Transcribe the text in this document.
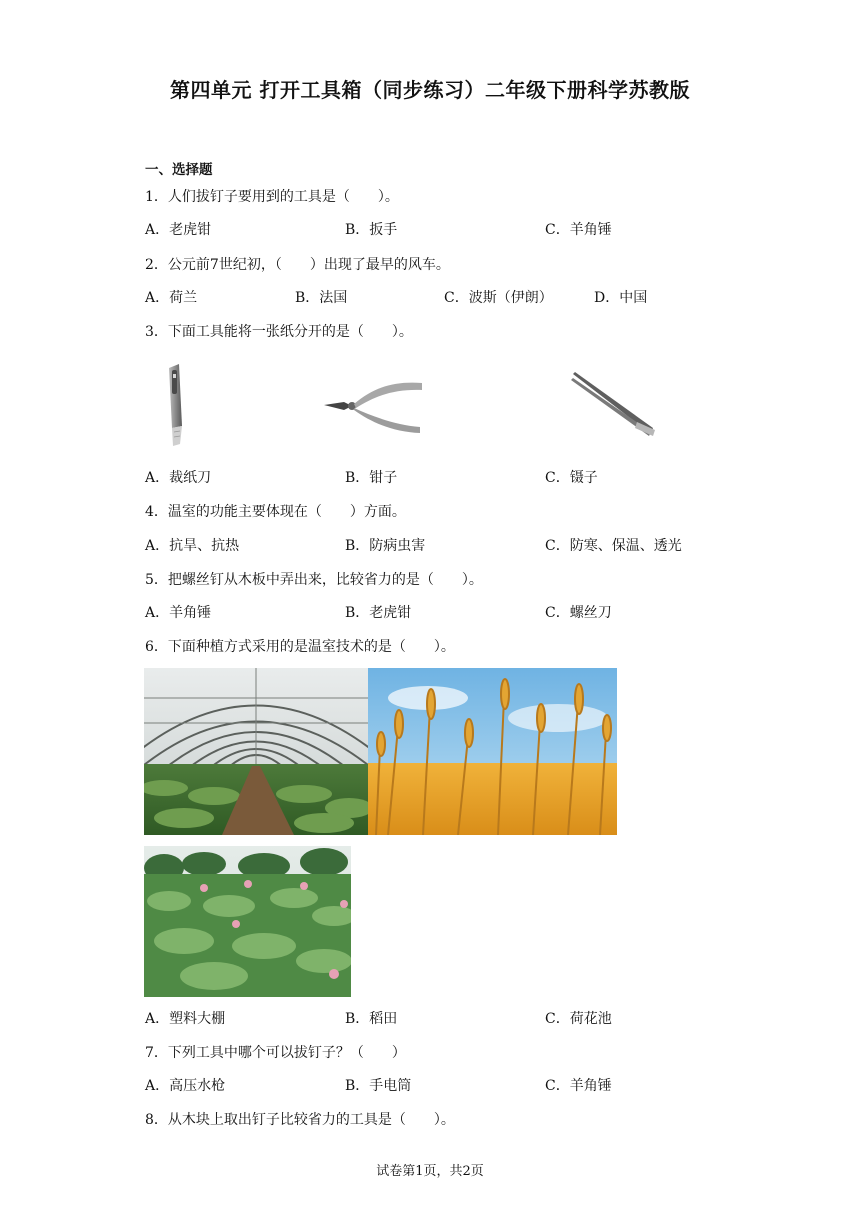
第四单元 打开工具箱（同步练习）二年级下册科学苏教版
一、选择题
1．人们拔钉子要用到的工具是（　　）。
A．老虎钳	B．扳手	C．羊角锤
2．公元前7世纪初，（　　）出现了最早的风车。
A．荷兰	B．法国	C．波斯（伊朗）	D．中国
3．下面工具能将一张纸分开的是（　　）。
A．裁纸刀	B．钳子	C．镊子
4．温室的功能主要体现在（　　）方面。
A．抗旱、抗热	B．防病虫害	C．防寒、保温、透光
5．把螺丝钉从木板中弄出来，比较省力的是（　　）。
A．羊角锤	B．老虎钳	C．螺丝刀
6．下面种植方式采用的是温室技术的是（　　）。
A．塑料大棚	B．稻田	C．荷花池
7．下列工具中哪个可以拔钉子？（　　）
A．高压水枪	B．手电筒	C．羊角锤
8．从木块上取出钉子比较省力的工具是（　　）。
试卷第1页，共2页
